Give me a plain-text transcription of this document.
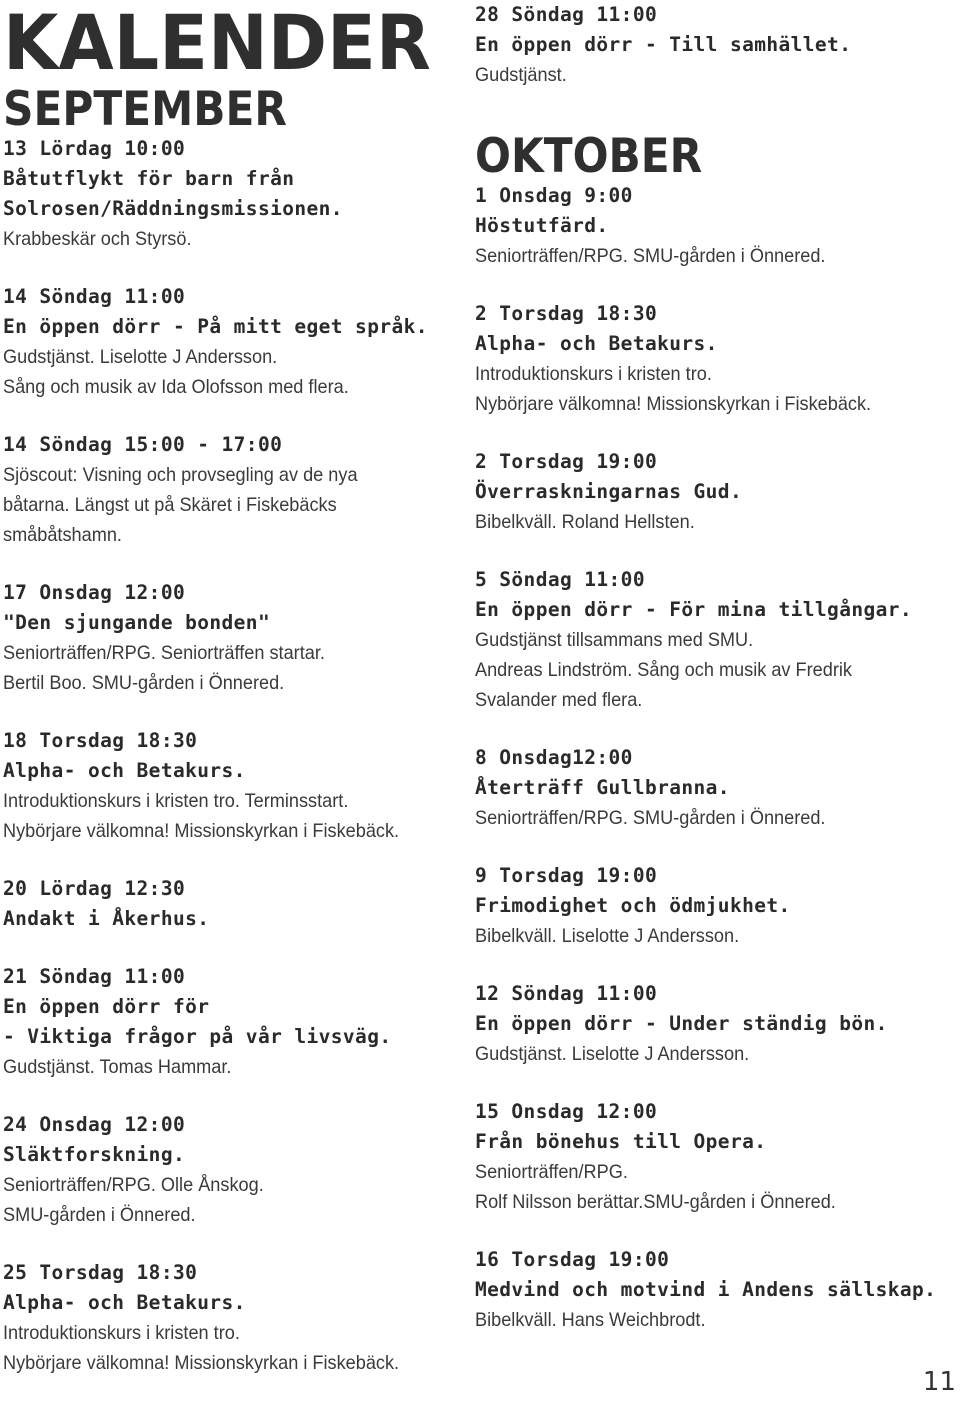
KALENDER
SEPTEMBER
13 Lördag 10:00
Båtutflykt för barn från
Solrosen/Räddningsmissionen.
Krabbeskär och Styrsö.
14 Söndag 11:00
En öppen dörr - På mitt eget språk.
Gudstjänst. Liselotte J Andersson.
Sång och musik av Ida Olofsson med flera.
14 Söndag 15:00 - 17:00
Sjöscout: Visning och provsegling av de nya
båtarna. Längst ut på Skäret i Fiskebäcks
småbåtshamn.
17 Onsdag 12:00
"Den sjungande bonden"
Seniorträffen/RPG. Seniorträffen startar.
Bertil Boo. SMU-gården i Önnered.
18 Torsdag 18:30
Alpha- och Betakurs.
Introduktionskurs i kristen tro. Terminsstart.
Nybörjare välkomna! Missionskyrkan i Fiskebäck.
20 Lördag 12:30
Andakt i Åkerhus.
21 Söndag 11:00
En öppen dörr för
- Viktiga frågor på vår livsväg.
Gudstjänst. Tomas Hammar.
24 Onsdag 12:00
Släktforskning.
Seniorträffen/RPG. Olle Ånskog.
SMU-gården i Önnered.
25 Torsdag 18:30
Alpha- och Betakurs.
Introduktionskurs i kristen tro.
Nybörjare välkomna! Missionskyrkan i Fiskebäck.
28 Söndag 11:00
En öppen dörr - Till samhället.
Gudstjänst.
OKTOBER
1 Onsdag 9:00
Höstutfärd.
Seniorträffen/RPG. SMU-gården i Önnered.
2 Torsdag 18:30
Alpha- och Betakurs.
Introduktionskurs i kristen tro.
Nybörjare välkomna! Missionskyrkan i Fiskebäck.
2 Torsdag 19:00
Överraskningarnas Gud.
Bibelkväll. Roland Hellsten.
5 Söndag 11:00
En öppen dörr - För mina tillgångar.
Gudstjänst tillsammans med SMU.
Andreas Lindström. Sång och musik av Fredrik
Svalander med flera.
8 Onsdag12:00
Återträff Gullbranna.
Seniorträffen/RPG. SMU-gården i Önnered.
9 Torsdag 19:00
Frimodighet och ödmjukhet.
Bibelkväll. Liselotte J Andersson.
12 Söndag 11:00
En öppen dörr - Under ständig bön.
Gudstjänst. Liselotte J Andersson.
15 Onsdag 12:00
Från bönehus till Opera.
Seniorträffen/RPG.
Rolf Nilsson berättar.SMU-gården i Önnered.
16 Torsdag 19:00
Medvind och motvind i Andens sällskap.
Bibelkväll. Hans Weichbrodt.

11
